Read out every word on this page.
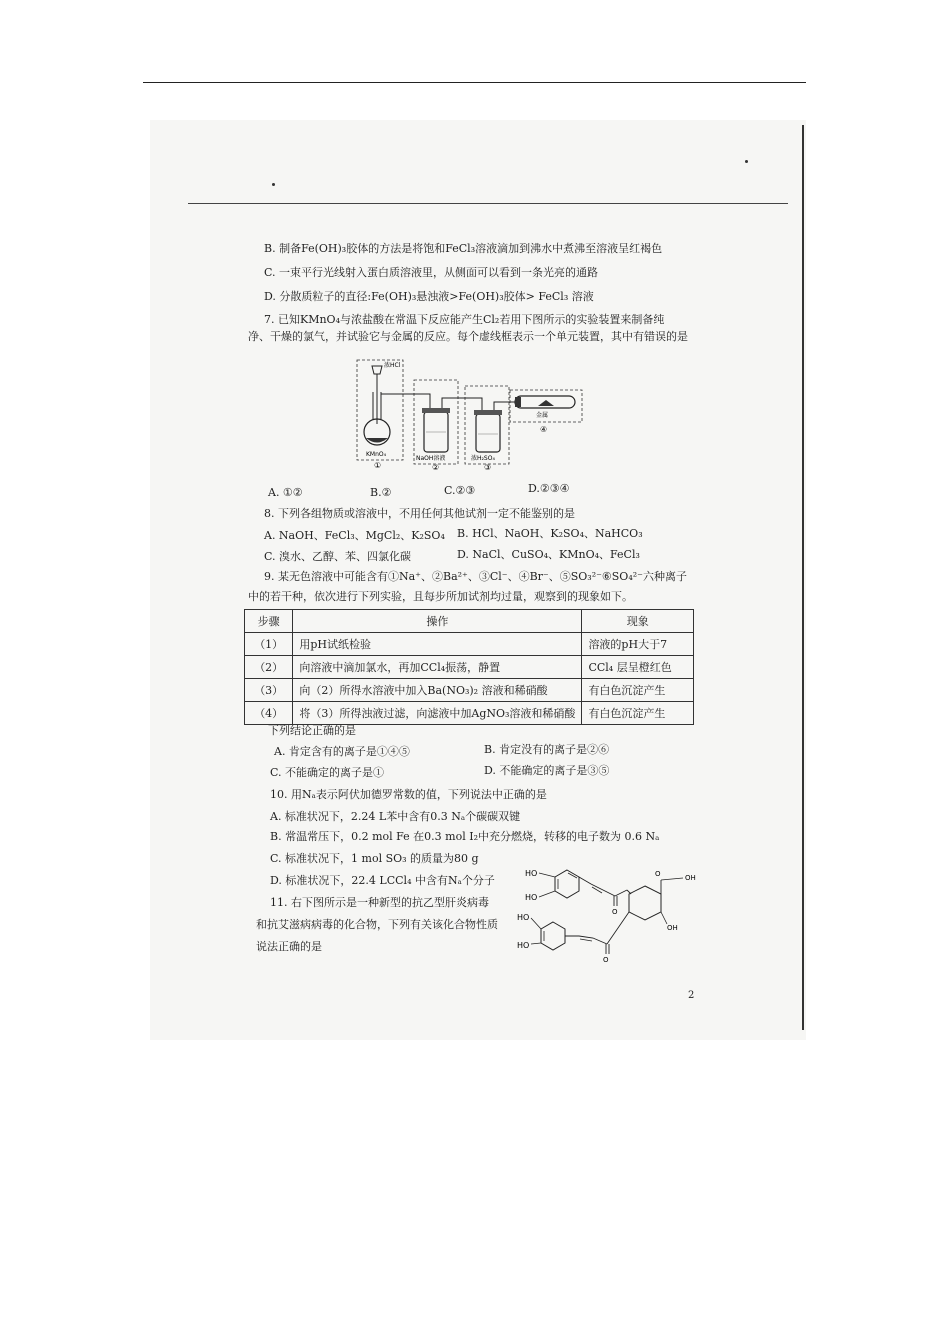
B. 制备Fe(OH)₃胶体的方法是将饱和FeCl₃溶液滴加到沸水中煮沸至溶液呈红褐色
C. 一束平行光线射入蛋白质溶液里，从侧面可以看到一条光亮的通路
D. 分散质粒子的直径:Fe(OH)₃悬浊液>Fe(OH)₃胶体> FeCl₃ 溶液
7. 已知KMnO₄与浓盐酸在常温下反应能产生Cl₂若用下图所示的实验装置来制备纯
净、干燥的氯气，并试验它与金属的反应。每个虚线框表示一个单元装置，其中有错误的是
浓HCl
KMnO₄
①
NaOH溶液
②
浓H₂SO₄
③
金属
④
A. ①②	B.②	C.②③	D.②③④
8. 下列各组物质或溶液中，不用任何其他试剂一定不能鉴别的是
A. NaOH、FeCl₃、MgCl₂、K₂SO₄ B. HCl、NaOH、K₂SO₄、NaHCO₃
C. 溴水、乙醇、苯、四氯化碳	D. NaCl、CuSO₄、KMnO₄、FeCl₃
9. 某无色溶液中可能含有①Na⁺、②Ba²⁺、③Cl⁻、④Br⁻、⑤SO₃²⁻⑥SO₄²⁻六种离子
中的若干种，依次进行下列实验，且每步所加试剂均过量，观察到的现象如下。
步骤	操作	现象
（1）	用pH试纸检验	溶液的pH大于7
（2）	向溶液中滴加氯水，再加CCl₄振荡，静置	CCl₄ 层呈橙红色
（3）	向（2）所得水溶液中加入Ba(NO₃)₂ 溶液和稀硝酸	有白色沉淀产生
（4）	将（3）所得浊液过滤，向滤液中加AgNO₃溶液和稀硝酸	有白色沉淀产生
下列结论正确的是
A. 肯定含有的离子是①④⑤	B. 肯定没有的离子是②⑥
C. 不能确定的离子是①	D. 不能确定的离子是③⑤
10. 用Nₐ表示阿伏加德罗常数的值，下列说法中正确的是
A. 标准状况下，2.24 L苯中含有0.3 Nₐ个碳碳双键
B. 常温常压下，0.2 mol Fe 在0.3 mol I₂中充分燃烧，转移的电子数为 0.6 Nₐ
C. 标准状况下，1 mol SO₃ 的质量为80 g
D. 标准状况下，22.4 LCCl₄ 中含有Nₐ个分子
11. 右下图所示是一种新型的抗乙型肝炎病毒
和抗艾滋病病毒的化合物，下列有关该化合物性质
说法正确的是
HO
HO
O
O	OH
OH
HO
HO
O
2
